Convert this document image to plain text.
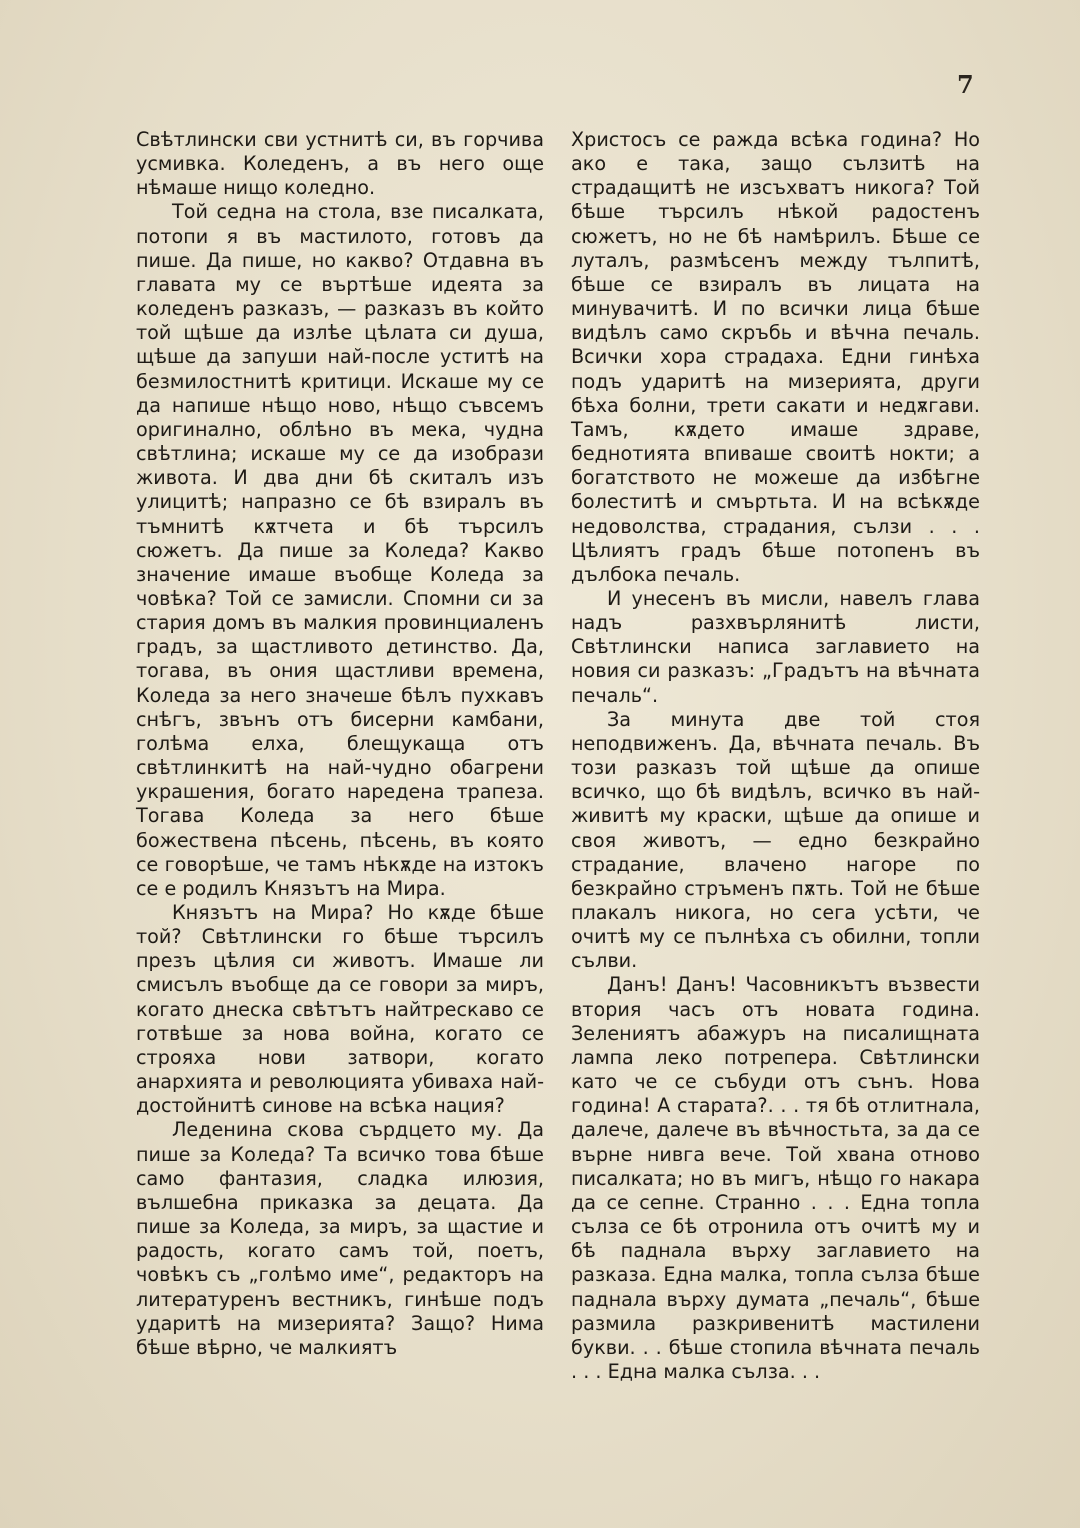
7

Свѣтлински сви устнитѣ си, въ горчива усмивка. Коледенъ, а въ него още нѣмаше нищо коледно.

Той седна на стола, взе писалката, потопи я въ мастилото, готовъ да пише. Да пише, но какво? Отдавна въ главата му се въртѣше идеята за коледенъ разказъ, — разказъ въ който той щѣше да излѣе цѣлата си душа, щѣше да запуши най-после уститѣ на безмилостнитѣ критици. Искаше му се да напише нѣщо ново, нѣщо съвсемъ оригинално, облѣно въ мека, чудна свѣтлина; искаше му се да изобрази живота. И два дни бѣ скиталъ изъ улицитѣ; напразно се бѣ взиралъ въ тъмнитѣ кѫтчета и бѣ търсилъ сюжетъ. Да пише за Коледа? Какво значение имаше въобще Коледа за човѣка? Той се замисли. Спомни си за стария домъ въ малкия провинциаленъ градъ, за щастливото детинство. Да, тогава, въ ония щастливи времена, Коледа за него значеше бѣлъ пухкавъ снѣгъ, звънъ отъ бисерни камбани, голѣма елха, блещукаща отъ свѣтлинкитѣ на най-чудно обагрени украшения, богато наредена трапеза. Тогава Коледа за него бѣше божествена пѣсень, пѣсень, въ която се говорѣше, че тамъ нѣкѫде на изтокъ се е родилъ Князътъ на Мира.

Князътъ на Мира? Но кѫде бѣше той? Свѣтлински го бѣше търсилъ презъ цѣлия си животъ. Имаше ли смисълъ въобще да се говори за миръ, когато днеска свѣтътъ найтрескаво се готвѣше за нова война, когато се строяха нови затвори, когато анархията и революцията убиваха най-достойнитѣ синове на всѣка нация?

Леденина скова сърдцето му. Да пише за Коледа? Та всичко това бѣше само фантазия, сладка илюзия, вълшебна приказка за децата. Да пише за Коледа, за миръ, за щастие и радость, когато самъ той, поетъ, човѣкъ съ „голѣмо име“, редакторъ на литературенъ вестникъ, гинѣше подъ ударитѣ на мизерията? Защо? Нима бѣше вѣрно, че малкиятъ

Христосъ се ражда всѣка година? Но ако е така, защо сълзитѣ на страдащитѣ не изсъхватъ никога? Той бѣше търсилъ нѣкой радостенъ сюжетъ, но не бѣ намѣрилъ. Бѣше се луталъ, размѣсенъ между тълпитѣ, бѣше се взиралъ въ лицата на минувачитѣ. И по всички лица бѣше видѣлъ само скръбь и вѣчна печаль. Всички хора страдаха. Едни гинѣха подъ ударитѣ на мизерията, други бѣха болни, трети сакати и недѫгави. Тамъ, кѫдето имаше здраве, беднотията впиваше своитѣ нокти; а богатството не можеше да избѣгне болеститѣ и смъртьта. И на всѣкѫде недоволства, страдания, сълзи . . . Цѣлиятъ градъ бѣше потопенъ въ дълбока печаль.

И унесенъ въ мисли, навелъ глава надъ разхвърлянитѣ листи, Свѣтлински написа заглавието на новия си разказъ: „Градътъ на вѣчната печаль“.

За минута две той стоя неподвиженъ. Да, вѣчната печаль. Въ този разказъ той щѣше да опише всичко, що бѣ видѣлъ, всичко въ най-живитѣ му краски, щѣше да опише и своя животъ, — едно безкрайно страдание, влачено нагоре по безкрайно стръменъ пѫть. Той не бѣше плакалъ никога, но сега усѣти, че очитѣ му се пълнѣха съ обилни, топли сълви.

Данъ! Данъ! Часовникътъ възвести втория часъ отъ новата година. Зелениятъ абажуръ на писалищната лампа леко потрепера. Свѣтлински като че се събуди отъ сънъ. Нова година! А старата?. . . тя бѣ отлитнала, далече, далече въ вѣчностьта, за да се върне нивга вече. Той хвана отново писалката; но въ мигъ, нѣщо го накара да се сепне. Странно . . . Една топла сълза се бѣ отронила отъ очитѣ му и бѣ паднала върху заглавието на разказа. Една малка, топла сълза бѣше паднала върху думата „печаль“, бѣше размила разкривенитѣ мастилени букви. . . бѣше стопила вѣчната печаль . . . Една малка сълза. . .
